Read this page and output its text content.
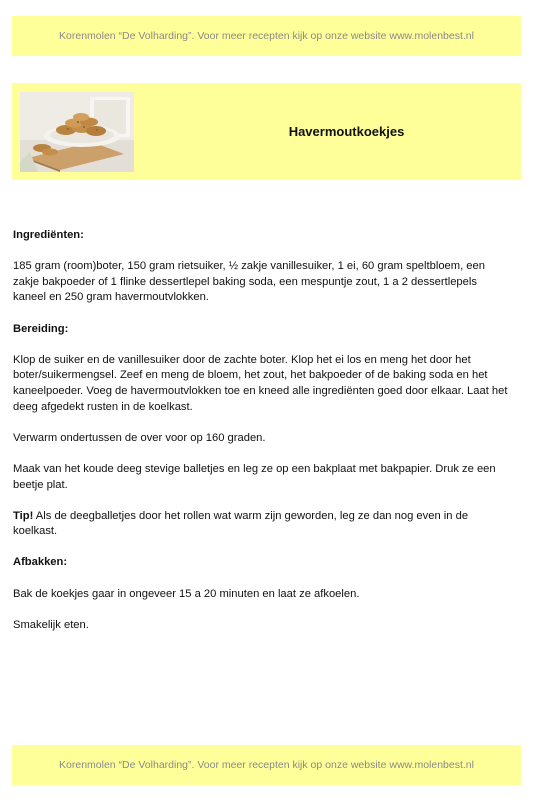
Korenmolen “De Volharding”. Voor meer recepten kijk op onze website www.molenbest.nl
Havermoutkoekjes
Ingrediënten:

185 gram (room)boter, 150 gram rietsuiker, ½ zakje vanillesuiker, 1 ei, 60 gram speltbloem, een zakje bakpoeder of 1 flinke dessertlepel baking soda, een mespuntje zout, 1 a 2 dessertlepels kaneel en 250 gram havermoutvlokken.

Bereiding:

Klop de suiker en de vanillesuiker door de zachte boter. Klop het ei los en meng het door het boter/suikermengsel. Zeef en meng de bloem, het zout, het bakpoeder of de baking soda en het kaneelpoeder. Voeg de havermoutvlokken toe en kneed alle ingrediënten goed door elkaar. Laat het deeg afgedekt rusten in de koelkast.

Verwarm ondertussen de over voor op 160 graden.

Maak van het koude deeg stevige balletjes en leg ze op een bakplaat met bakpapier. Druk ze een beetje plat.

Tip! Als de deegballetjes door het rollen wat warm zijn geworden, leg ze dan nog even in de koelkast.

Afbakken:

Bak de koekjes gaar in ongeveer 15 a 20 minuten en laat ze afkoelen.

Smakelijk eten.

Korenmolen “De Volharding”. Voor meer recepten kijk op onze website www.molenbest.nl
